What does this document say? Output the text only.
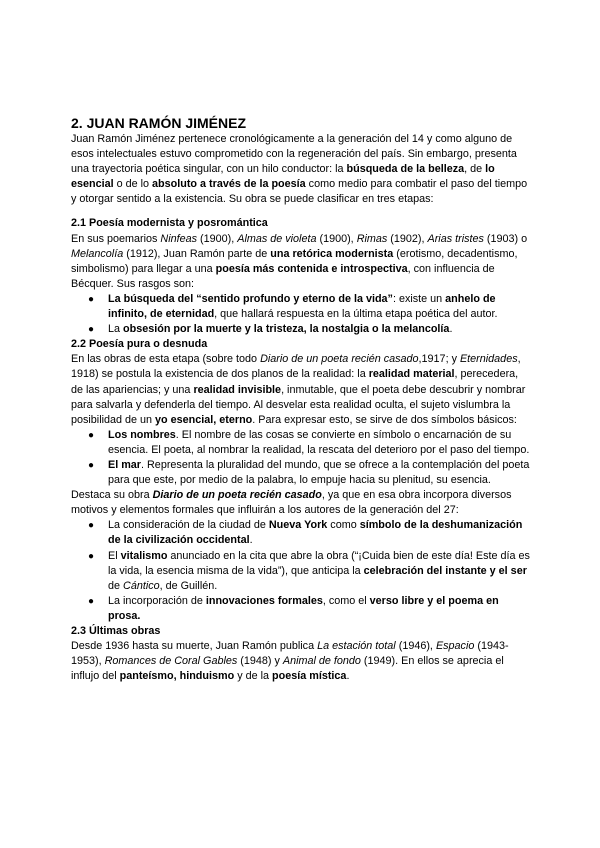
2. JUAN RAMÓN JIMÉNEZ

Juan Ramón Jiménez pertenece cronológicamente a la generación del 14 y como alguno de esos intelectuales estuvo comprometido con la regeneración del país. Sin embargo, presenta una trayectoria poética singular, con un hilo conductor: la búsqueda de la belleza, de lo esencial o de lo absoluto a través de la poesía como medio para combatir el paso del tiempo y otorgar sentido a la existencia. Su obra se puede clasificar en tres etapas:

2.1 Poesía modernista y posromántica

En sus poemarios Ninfeas (1900), Almas de violeta (1900), Rimas (1902), Arias tristes (1903) o Melancolía (1912), Juan Ramón parte de una retórica modernista (erotismo, decadentismo, simbolismo) para llegar a una poesía más contenida e introspectiva, con influencia de Bécquer. Sus rasgos son:

● La búsqueda del “sentido profundo y eterno de la vida”: existe un anhelo de infinito, de eternidad, que hallará respuesta en la última etapa poética del autor.
● La obsesión por la muerte y la tristeza, la nostalgia o la melancolía.

2.2 Poesía pura o desnuda

En las obras de esta etapa (sobre todo Diario de un poeta recién casado,1917; y Eternidades, 1918) se postula la existencia de dos planos de la realidad: la realidad material, perecedera, de las apariencias; y una realidad invisible, inmutable, que el poeta debe descubrir y nombrar para salvarla y defenderla del tiempo. Al desvelar esta realidad oculta, el sujeto vislumbra la posibilidad de un yo esencial, eterno. Para expresar esto, se sirve de dos símbolos básicos:

● Los nombres. El nombre de las cosas se convierte en símbolo o encarnación de su esencia. El poeta, al nombrar la realidad, la rescata del deterioro por el paso del tiempo.
● El mar. Representa la pluralidad del mundo, que se ofrece a la contemplación del poeta para que este, por medio de la palabra, lo empuje hacia su plenitud, su esencia.

Destaca su obra Diario de un poeta recién casado, ya que en esa obra incorpora diversos motivos y elementos formales que influirán a los autores de la generación del 27:

● La consideración de la ciudad de Nueva York como símbolo de la deshumanización de la civilización occidental.
● El vitalismo anunciado en la cita que abre la obra (“¡Cuida bien de este día! Este día es la vida, la esencia misma de la vida”), que anticipa la celebración del instante y el ser de Cántico, de Guillén.
● La incorporación de innovaciones formales, como el verso libre y el poema en prosa.

2.3 Últimas obras

Desde 1936 hasta su muerte, Juan Ramón publica La estación total (1946), Espacio (1943-1953), Romances de Coral Gables (1948) y Animal de fondo (1949). En ellos se aprecia el influjo del panteísmo, hinduismo y de la poesía mística.
